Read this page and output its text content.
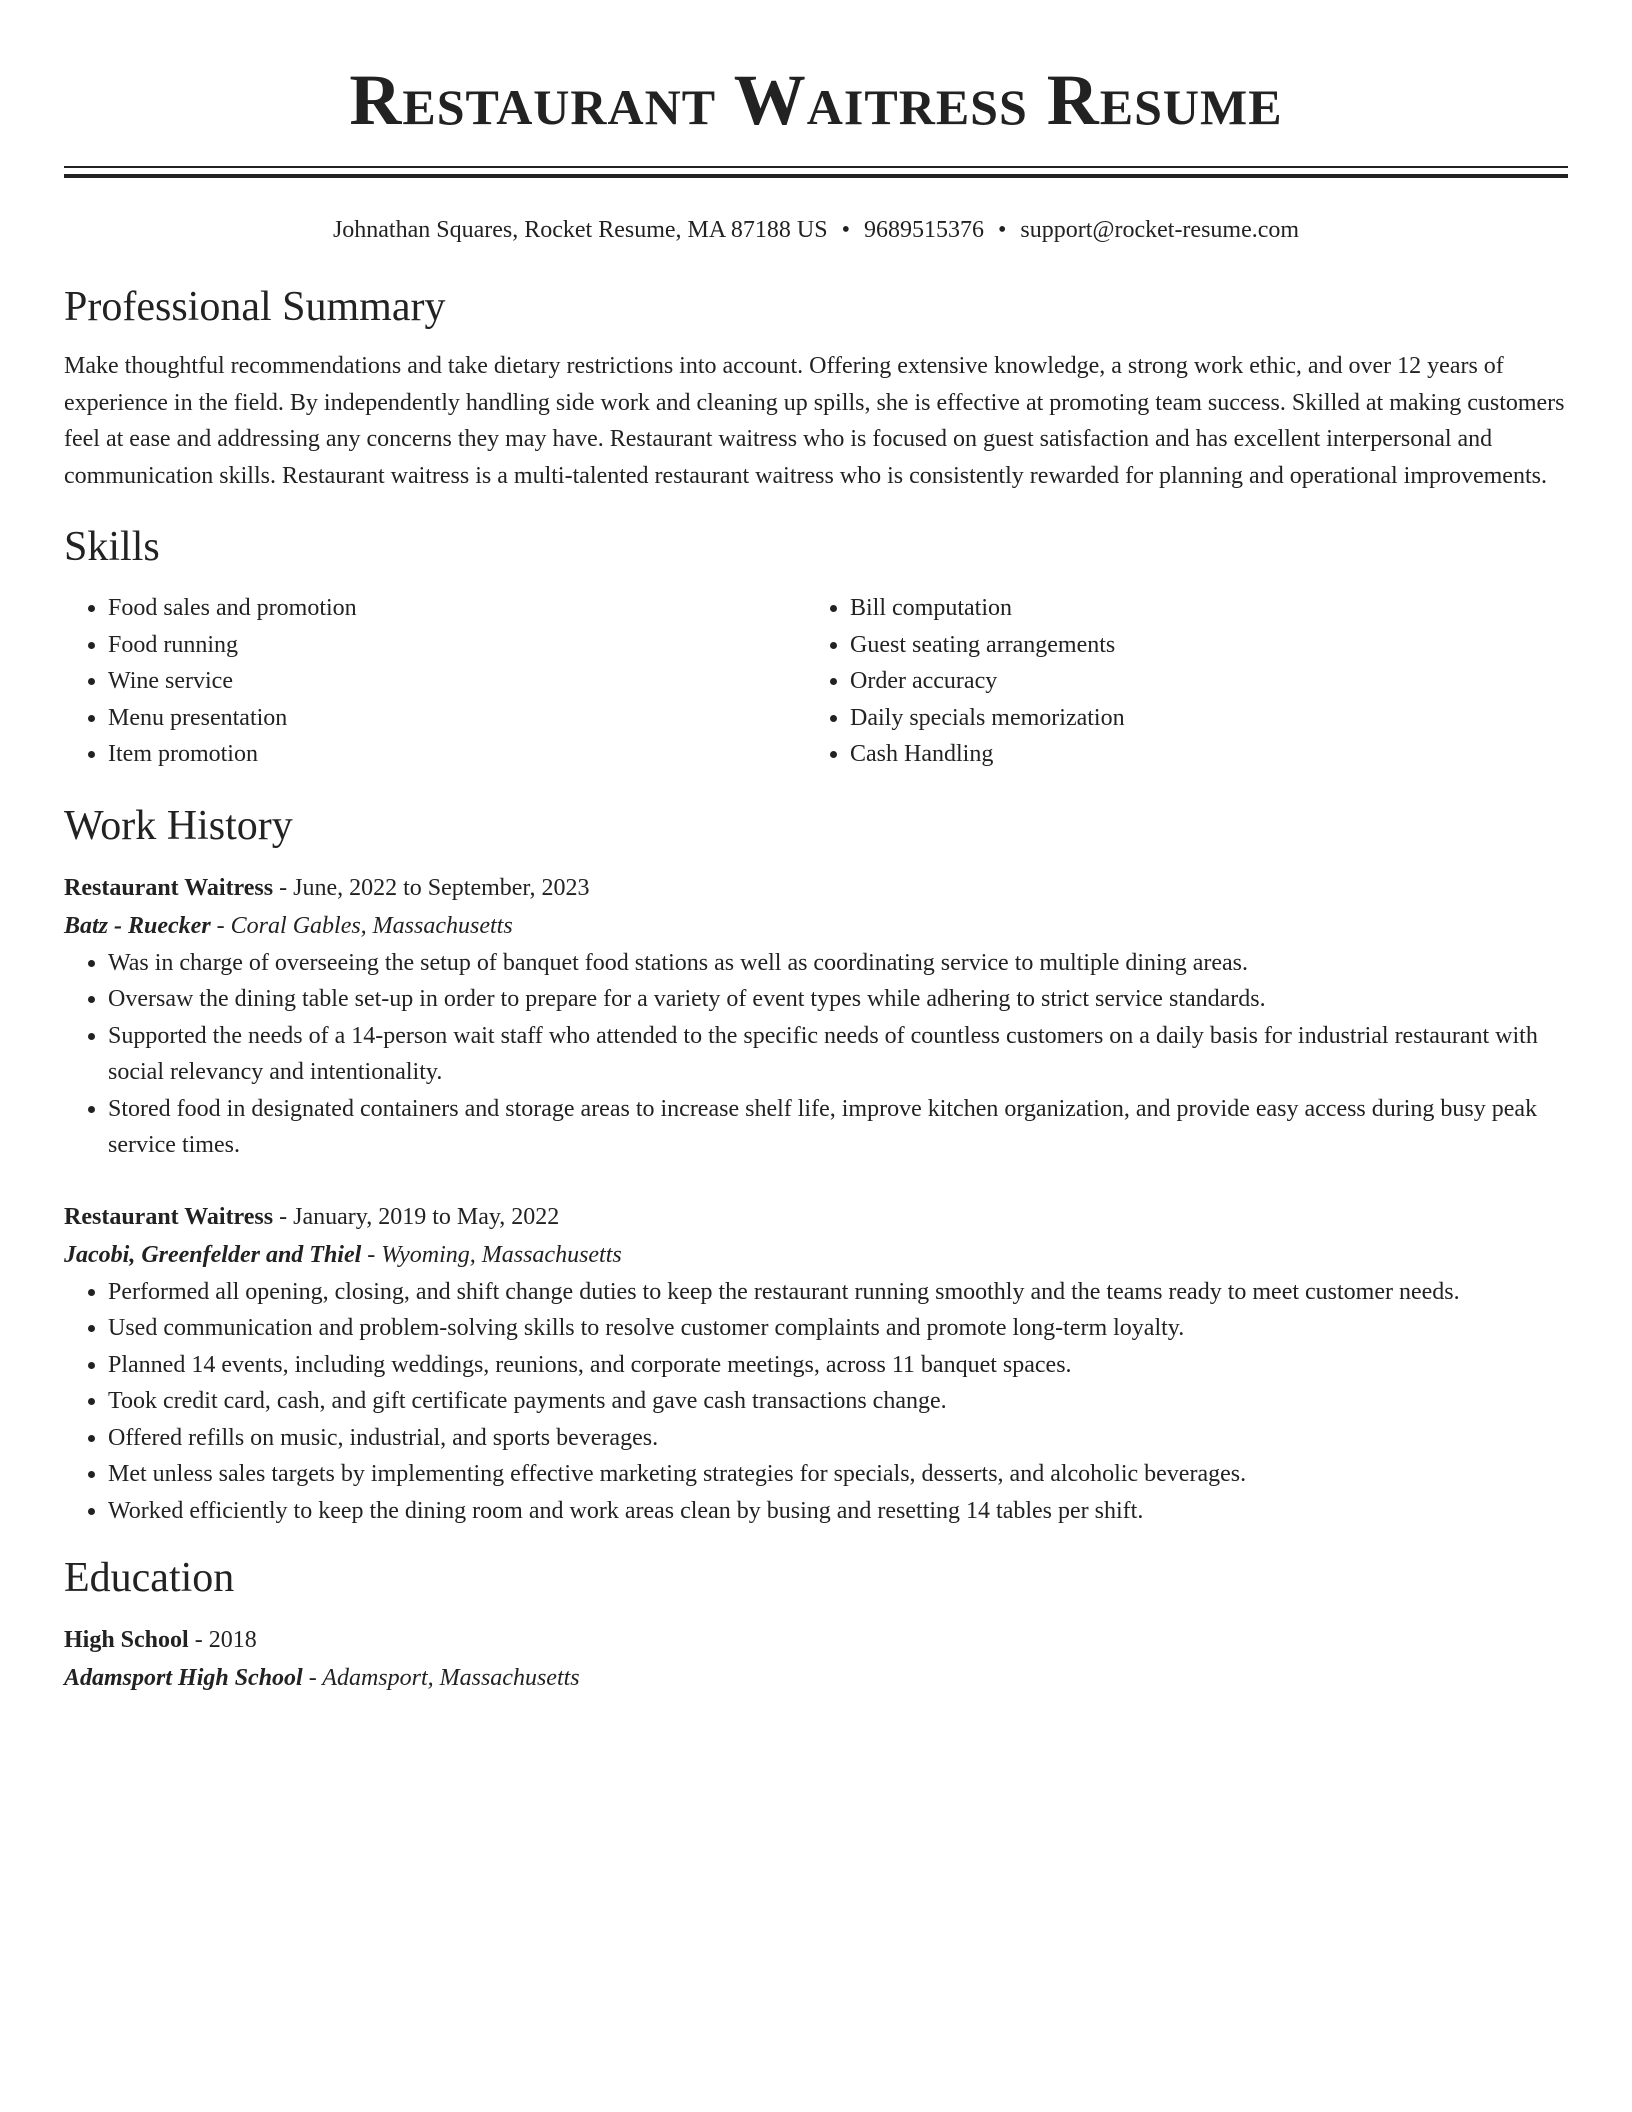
Restaurant Waitress Resume
Johnathan Squares, Rocket Resume, MA 87188 US • 9689515376 • support@rocket-resume.com
Professional Summary

Make thoughtful recommendations and take dietary restrictions into account. Offering extensive knowledge, a strong work ethic, and over 12 years of experience in the field. By independently handling side work and cleaning up spills, she is effective at promoting team success. Skilled at making customers feel at ease and addressing any concerns they may have. Restaurant waitress who is focused on guest satisfaction and has excellent interpersonal and communication skills. Restaurant waitress is a multi-talented restaurant waitress who is consistently rewarded for planning and operational improvements.

Skills
• Food sales and promotion
• Food running
• Wine service
• Menu presentation
• Item promotion
• Bill computation
• Guest seating arrangements
• Order accuracy
• Daily specials memorization
• Cash Handling
Work History
Restaurant Waitress - June, 2022 to September, 2023
Batz - Ruecker - Coral Gables, Massachusetts
• Was in charge of overseeing the setup of banquet food stations as well as coordinating service to multiple dining areas.
• Oversaw the dining table set-up in order to prepare for a variety of event types while adhering to strict service standards.
• Supported the needs of a 14-person wait staff who attended to the specific needs of countless customers on a daily basis for industrial restaurant with social relevancy and intentionality.
• Stored food in designated containers and storage areas to increase shelf life, improve kitchen organization, and provide easy access during busy peak service times.
Restaurant Waitress - January, 2019 to May, 2022
Jacobi, Greenfelder and Thiel - Wyoming, Massachusetts
• Performed all opening, closing, and shift change duties to keep the restaurant running smoothly and the teams ready to meet customer needs.
• Used communication and problem-solving skills to resolve customer complaints and promote long-term loyalty.
• Planned 14 events, including weddings, reunions, and corporate meetings, across 11 banquet spaces.
• Took credit card, cash, and gift certificate payments and gave cash transactions change.
• Offered refills on music, industrial, and sports beverages.
• Met unless sales targets by implementing effective marketing strategies for specials, desserts, and alcoholic beverages.
• Worked efficiently to keep the dining room and work areas clean by busing and resetting 14 tables per shift.
Education
High School - 2018
Adamsport High School - Adamsport, Massachusetts
